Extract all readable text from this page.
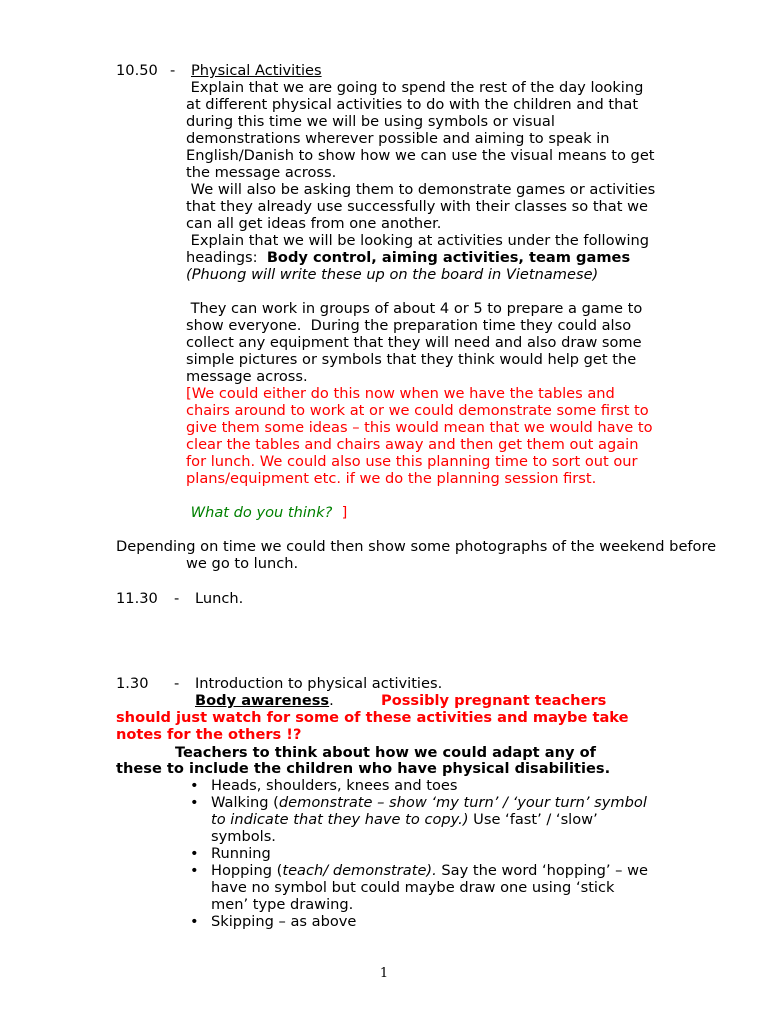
10.50 - Physical Activities

Explain that we are going to spend the rest of the day looking at different physical activities to do with the children and that during this time we will be using symbols or visual demonstrations wherever possible and aiming to speak in English/Danish to show how we can use the visual means to get the message across.

We will also be asking them to demonstrate games or activities that they already use successfully with their classes so that we can all get ideas from one another.

Explain that we will be looking at activities under the following headings:  Body control, aiming activities, team games  (Phuong will write these up on the board in Vietnamese)

They can work in groups of about 4 or 5 to prepare a game to show everyone.  During the preparation time they could also collect any equipment that they will need and also draw some simple pictures or symbols that they think would help get the message across.

[We could either do this now when we have the tables and chairs around to work at or we could demonstrate some first to give them some ideas – this would mean that we would have to clear the tables and chairs away and then get them out again for lunch. We could also use this planning time to sort out our plans/equipment etc. if we do the planning session first.

What do you think?  ]

Depending on time we could then show some photographs of the weekend before we go to lunch.

11.30 - Lunch.
1.30 - Introduction to physical activities.
Body awareness.	Possibly pregnant teachers

should just watch for some of these activities and maybe take notes for the others !?

Teachers to think about how we could adapt any of

these to include the children who have physical disabilities.

• Heads, shoulders, knees and toes
• Walking (demonstrate – show ‘my turn’ / ‘your turn’ symbol to indicate that they have to copy.) Use ‘fast’ / ‘slow’ symbols.
• Running
• Hopping (teach/ demonstrate). Say the word ‘hopping’ – we have no symbol but could maybe draw one using ‘stick men’ type drawing.
• Skipping – as above
1
